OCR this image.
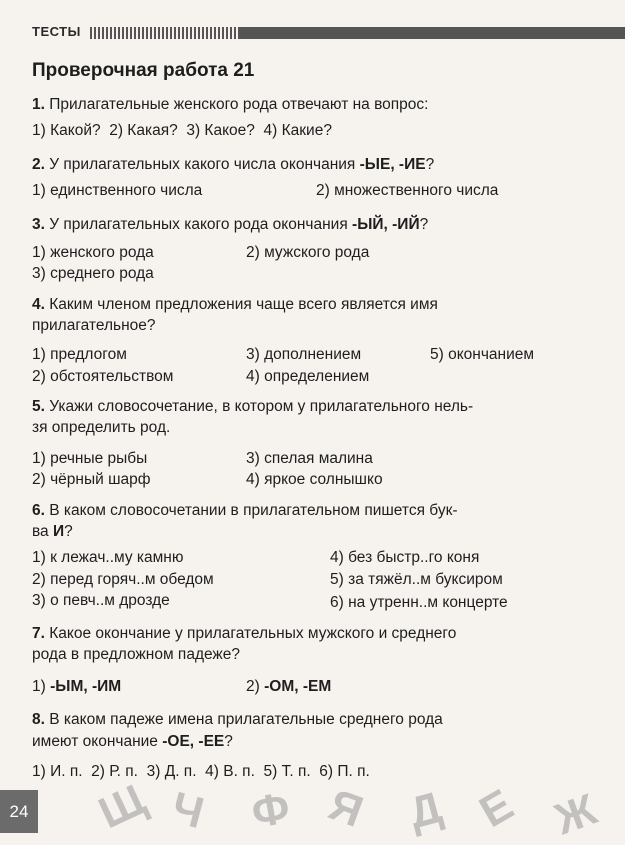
ТЕСТЫ
Проверочная работа 21
1. Прилагательные женского рода отвечают на вопрос:
1) Какой? 2) Какая? 3) Какое? 4) Какие?
2. У прилагательных какого числа окончания -ЫЕ, -ИЕ?
1) единственного числа	2) множественного числа
3. У прилагательных какого рода окончания -ЫЙ, -ИЙ?
1) женского рода	2) мужского рода
3) среднего рода
4. Каким членом предложения чаще всего является имя
прилагательное?
1) предлогом	3) дополнением	5) окончанием
2) обстоятельством	4) определением
5. Укажи словосочетание, в котором у прилагательного нель-
зя определить род.
1) речные рыбы	3) спелая малина
2) чёрный шарф	4) яркое солнышко
6. В каком словосочетании в прилагательном пишется бук-
ва И?
1) к лежач..му камню	4) без быстр..го коня
2) перед горяч..м обедом	5) за тяжёл..м буксиром
3) о певч..м дрозде	6) на утренн..м концерте
7. Какое окончание у прилагательных мужского и среднего
рода в предложном падеже?
1) -ЫМ, -ИМ	2) -ОМ, -ЕМ
8. В каком падеже имена прилагательные среднего рода
имеют окончание -ОЕ, -ЕЕ?
1) И. п. 2) Р. п. 3) Д. п. 4) В. п. 5) Т. п. 6) П. п.
Щ Ч Ф Я Д Е Ж
24
